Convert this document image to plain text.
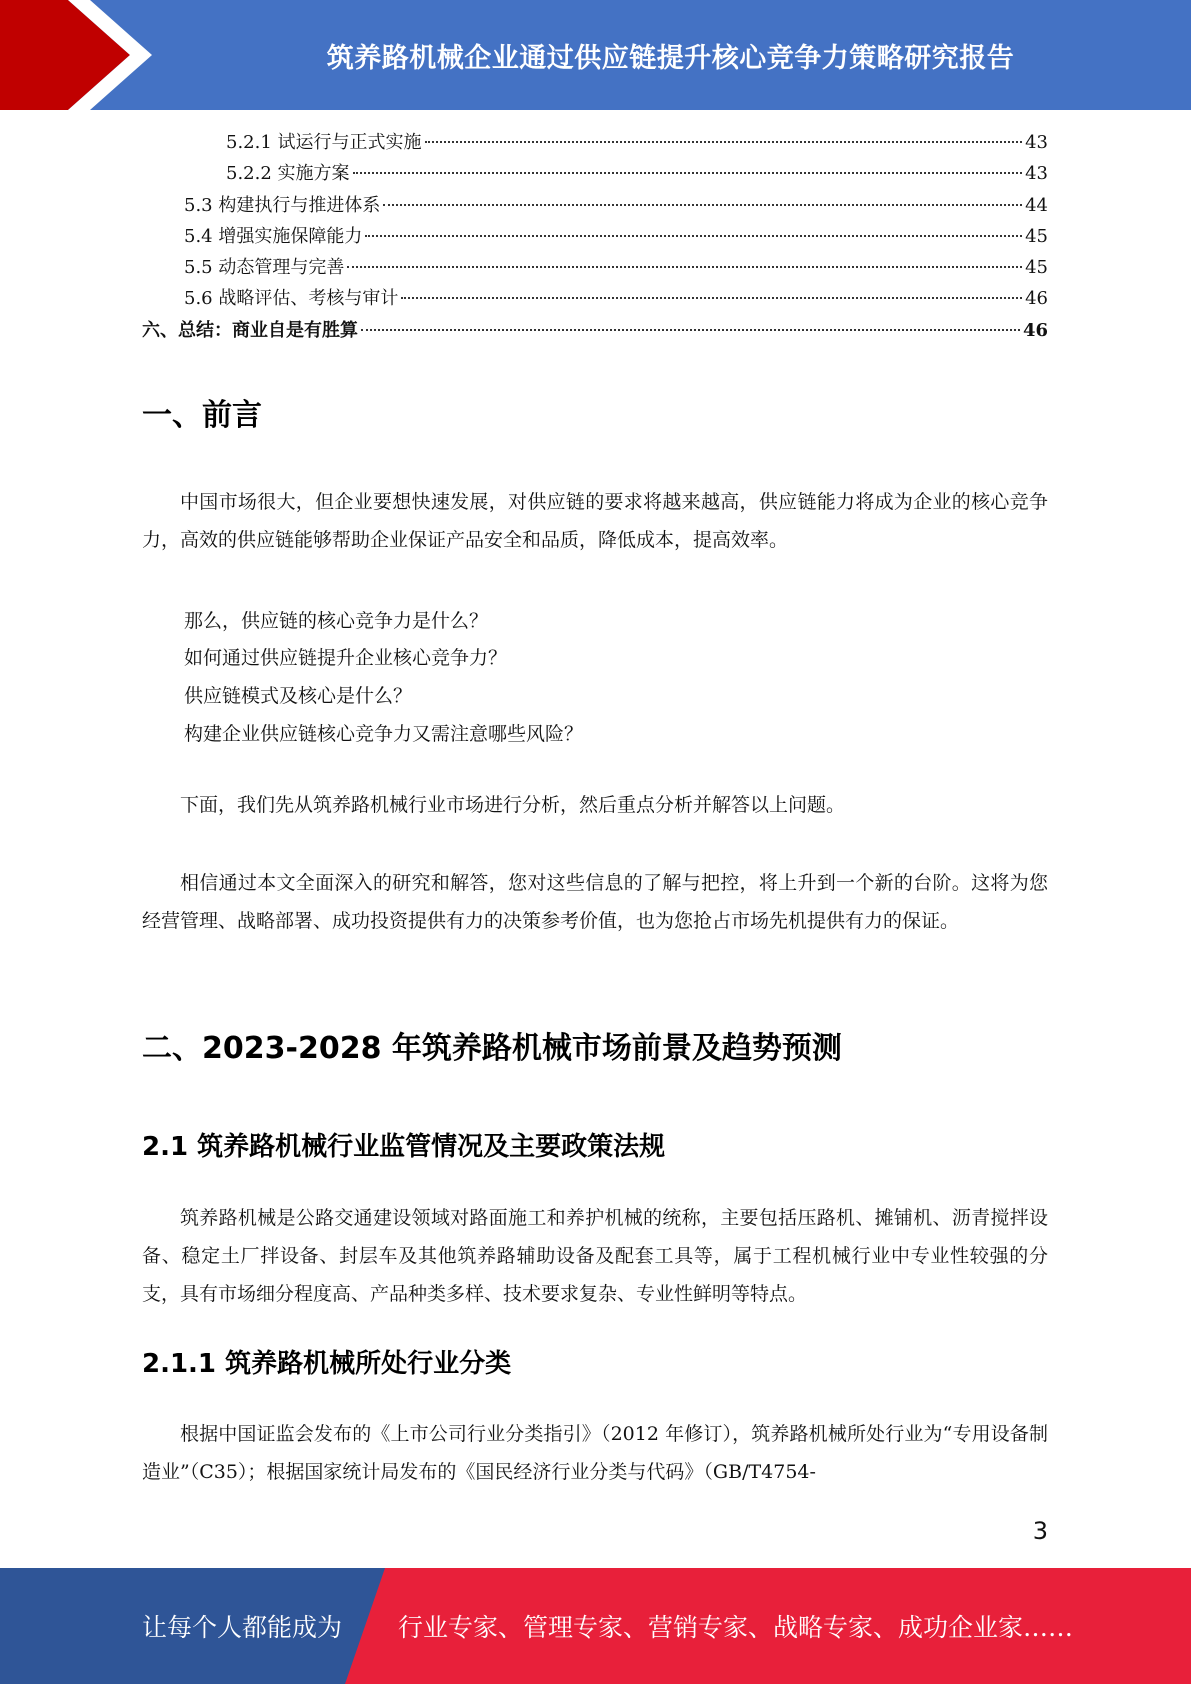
筑养路机械企业通过供应链提升核心竞争力策略研究报告
5.2.1 试运行与正式实施	43
5.2.2 实施方案	43
5.3 构建执行与推进体系	44
5.4 增强实施保障能力	45
5.5 动态管理与完善	45
5.6 战略评估、考核与审计	46
六、总结：商业自是有胜算	46
一、前言

中国市场很大，但企业要想快速发展，对供应链的要求将越来越高，供应链能力将成为企业的核心竞争力，高效的供应链能够帮助企业保证产品安全和品质，降低成本，提高效率。

那么，供应链的核心竞争力是什么？
如何通过供应链提升企业核心竞争力？
供应链模式及核心是什么？
构建企业供应链核心竞争力又需注意哪些风险？

下面，我们先从筑养路机械行业市场进行分析，然后重点分析并解答以上问题。

相信通过本文全面深入的研究和解答，您对这些信息的了解与把控，将上升到一个新的台阶。这将为您经营管理、战略部署、成功投资提供有力的决策参考价值，也为您抢占市场先机提供有力的保证。

二、2023-2028 年筑养路机械市场前景及趋势预测
2.1 筑养路机械行业监管情况及主要政策法规

筑养路机械是公路交通建设领域对路面施工和养护机械的统称，主要包括压路机、摊铺机、沥青搅拌设备、稳定土厂拌设备、封层车及其他筑养路辅助设备及配套工具等，属于工程机械行业中专业性较强的分支，具有市场细分程度高、产品种类多样、技术要求复杂、专业性鲜明等特点。

2.1.1 筑养路机械所处行业分类

根据中国证监会发布的《上市公司行业分类指引》（2012 年修订），筑养路机械所处行业为“专用设备制造业”（C35）；根据国家统计局发布的《国民经济行业分类与代码》（GB/T4754-

3
让每个人都能成为 行业专家、管理专家、营销专家、战略专家、成功企业家……
